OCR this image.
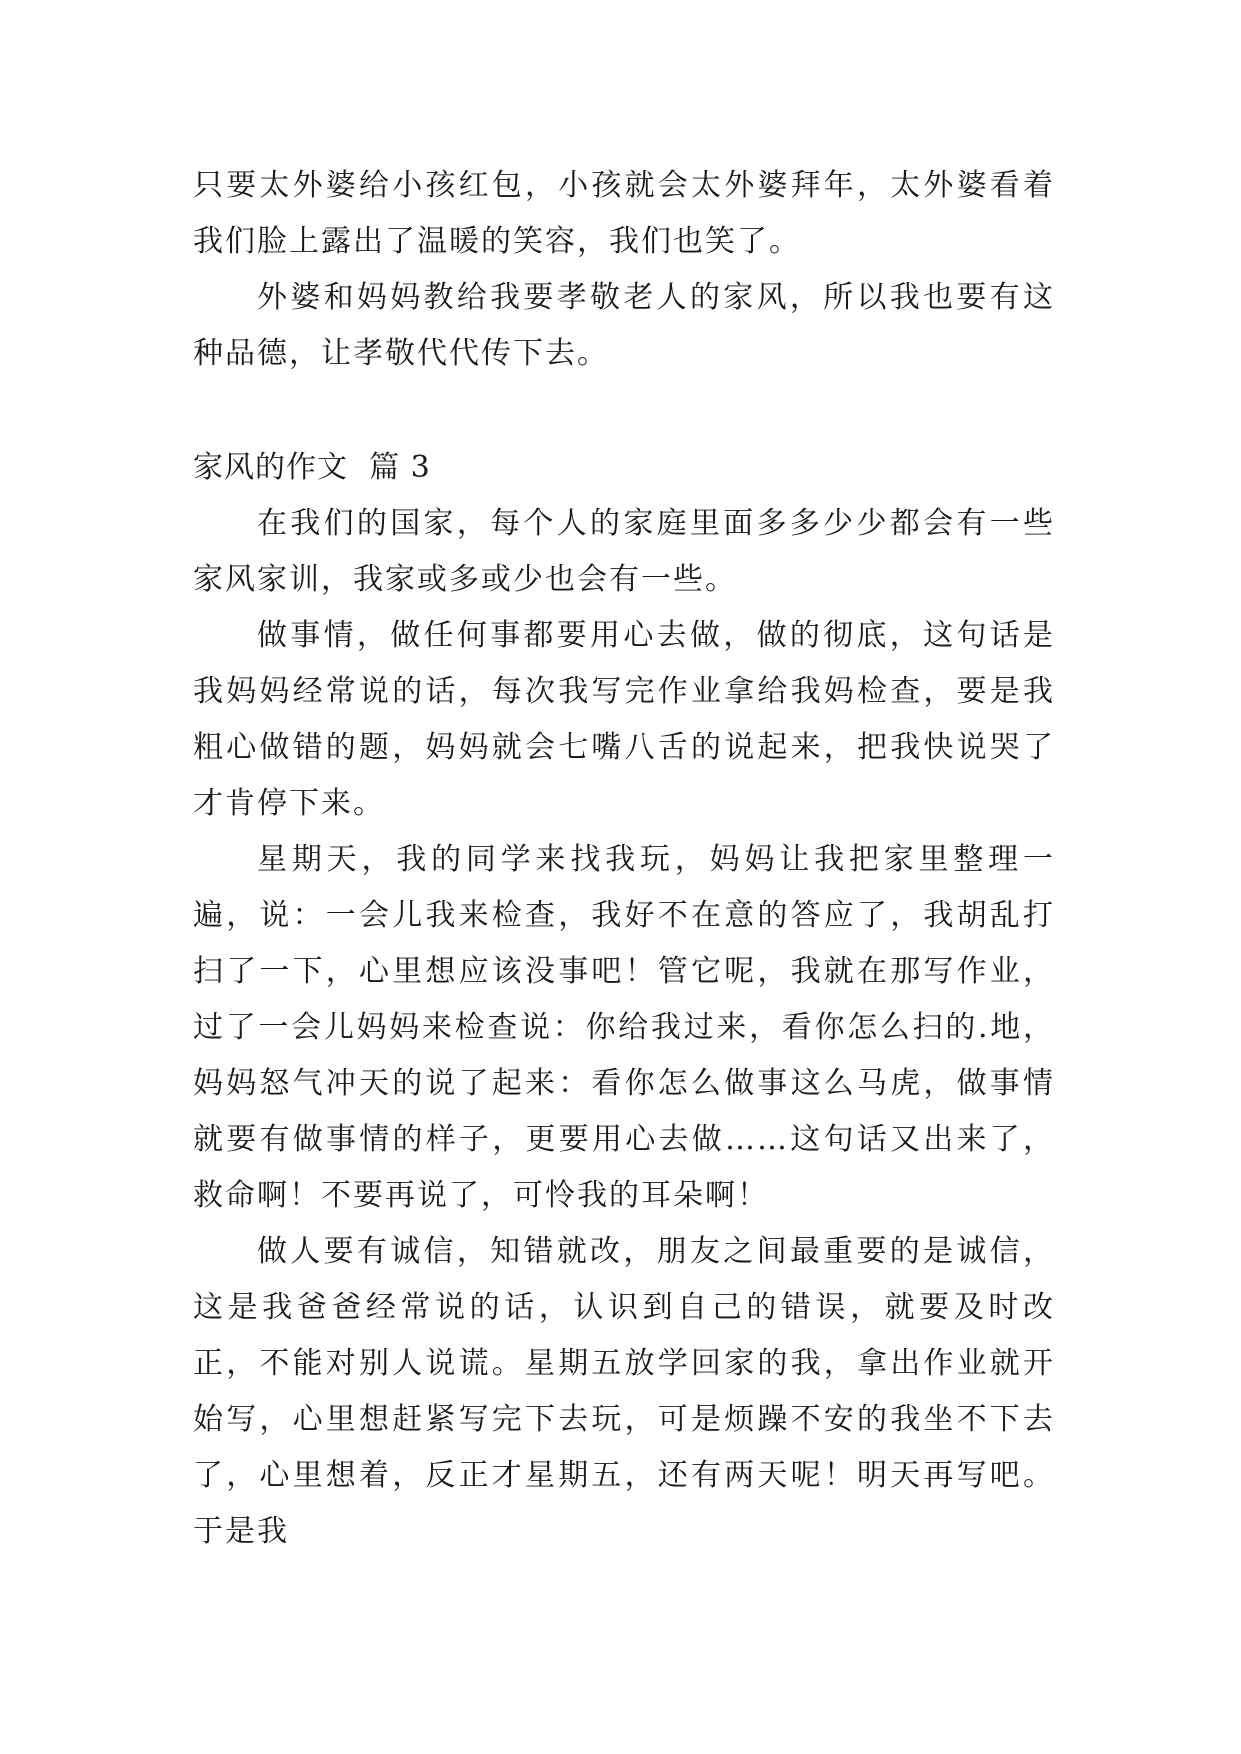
只要太外婆给小孩红包，小孩就会太外婆拜年，太外婆看着我们脸上露出了温暖的笑容，我们也笑了。

外婆和妈妈教给我要孝敬老人的家风，所以我也要有这种品德，让孝敬代代传下去。

家风的作文  篇 3

在我们的国家，每个人的家庭里面多多少少都会有一些家风家训，我家或多或少也会有一些。

做事情，做任何事都要用心去做，做的彻底，这句话是我妈妈经常说的话，每次我写完作业拿给我妈检查，要是我粗心做错的题，妈妈就会七嘴八舌的说起来，把我快说哭了才肯停下来。

星期天，我的同学来找我玩，妈妈让我把家里整理一遍，说：一会儿我来检查，我好不在意的答应了，我胡乱打扫了一下，心里想应该没事吧！管它呢，我就在那写作业，过了一会儿妈妈来检查说：你给我过来，看你怎么扫的.地，妈妈怒气冲天的说了起来：看你怎么做事这么马虎，做事情就要有做事情的样子，更要用心去做……这句话又出来了，救命啊！不要再说了，可怜我的耳朵啊！

做人要有诚信，知错就改，朋友之间最重要的是诚信，这是我爸爸经常说的话，认识到自己的错误，就要及时改正，不能对别人说谎。星期五放学回家的我，拿出作业就开始写，心里想赶紧写完下去玩，可是烦躁不安的我坐不下去了，心里想着，反正才星期五，还有两天呢！明天再写吧。于是我
